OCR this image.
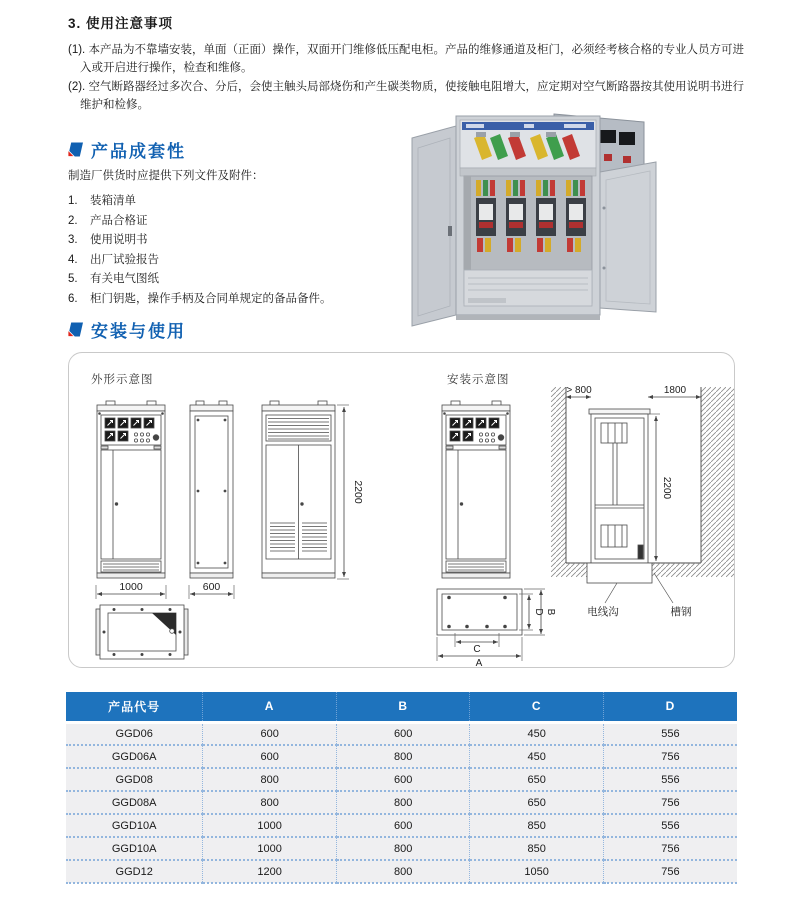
3. 使用注意事项

(1). 本产品为不靠墙安装，单面（正面）操作，双面开门维修低压配电柜。产品的维修通道及柜门，必须经考核合格的专业人员方可进入或开启进行操作，检查和维修。

(2). 空气断路器经过多次合、分后，会使主触头局部烧伤和产生碳类物质，使接触电阻增大，应定期对空气断路器按其使用说明书进行维护和检修。

产品成套性

制造厂供货时应提供下列文件及附件：

1.	装箱清单
2.	产品合格证
3.	使用说明书
4.	出厂试验报告
5.	有关电气图纸
6.	柜门钥匙，操作手柄及合同单规定的备品备件。
安装与使用
外形示意图	安装示意图
1000	600
2200
> 800	1800
2200
电线沟	槽钢
C
A
D B
产品代号	A	B	C	D
GGD06	600	600	450	556
GGD06A	600	800	450	756
GGD08	800	600	650	556
GGD08A	800	800	650	756
GGD10A	1000	600	850	556
GGD10A	1000	800	850	756
GGD12	1200	800	1050	756
